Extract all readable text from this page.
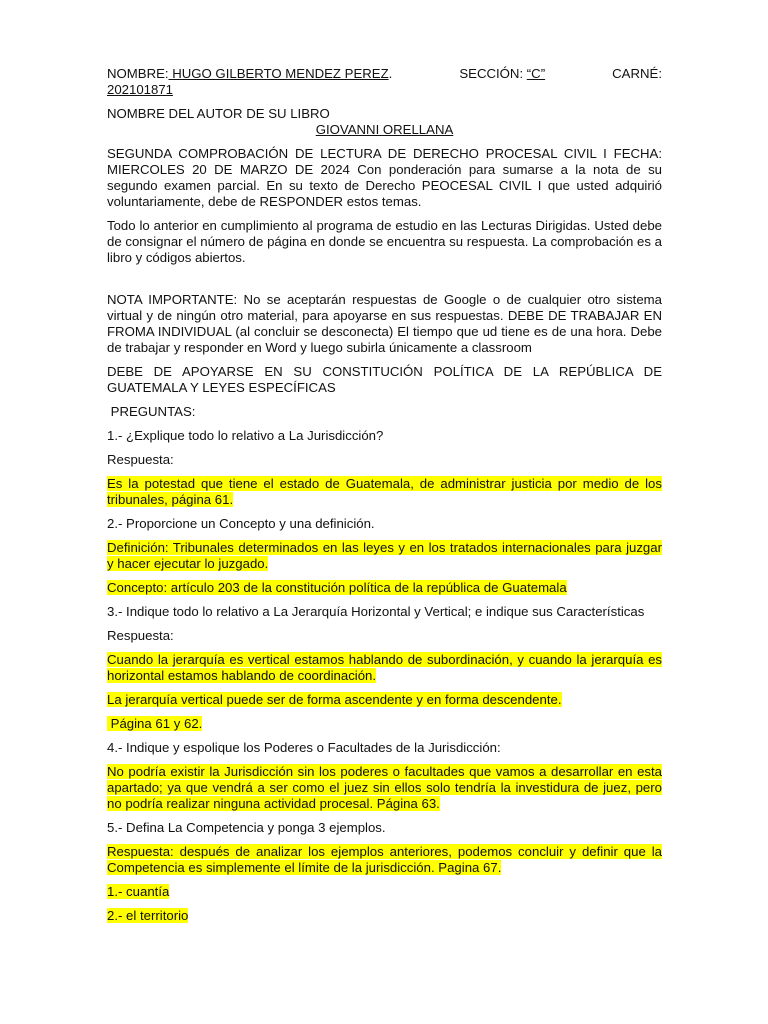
NOMBRE: HUGO GILBERTO MENDEZ PEREZ.	SECCIÓN: “C”	CARNÉ:
202101871
NOMBRE DEL AUTOR DE SU LIBRO
GIOVANNI ORELLANA

SEGUNDA COMPROBACIÓN DE LECTURA DE DERECHO PROCESAL CIVIL I FECHA: MIERCOLES 20 DE MARZO DE 2024 Con ponderación para sumarse a la nota de su segundo examen parcial. En su texto de Derecho PEOCESAL CIVIL I que usted adquirió voluntariamente, debe de RESPONDER estos temas.

Todo lo anterior en cumplimiento al programa de estudio en las Lecturas Dirigidas. Usted debe de consignar el número de página en donde se encuentra su respuesta. La comprobación es a libro y códigos abiertos.

NOTA IMPORTANTE: No se aceptarán respuestas de Google o de cualquier otro sistema virtual y de ningún otro material, para apoyarse en sus respuestas. DEBE DE TRABAJAR EN FROMA INDIVIDUAL (al concluir se desconecta) El tiempo que ud tiene es de una hora. Debe de trabajar y responder en Word y luego subirla únicamente a classroom

DEBE DE APOYARSE EN SU CONSTITUCIÓN POLÍTICA DE LA REPÚBLICA DE GUATEMALA Y LEYES ESPECÍFICAS

PREGUNTAS:

1.- ¿Explique todo lo relativo a La Jurisdicción?

Respuesta:

Es la potestad que tiene el estado de Guatemala, de administrar justicia por medio de los tribunales, página 61.

2.- Proporcione un Concepto y una definición.

Definición: Tribunales determinados en las leyes y en los tratados internacionales para juzgar y hacer ejecutar lo juzgado.

Concepto: artículo 203 de la constitución política de la república de Guatemala

3.- Indique todo lo relativo a La Jerarquía Horizontal y Vertical; e indique sus Características

Respuesta:

Cuando la jerarquía es vertical estamos hablando de subordinación, y cuando la jerarquía es horizontal estamos hablando de coordinación.

La jerarquía vertical puede ser de forma ascendente y en forma descendente.

Página 61 y 62.

4.- Indique y espolique los Poderes o Facultades de la Jurisdicción:

No podría existir la Jurisdicción sin los poderes o facultades que vamos a desarrollar en esta apartado; ya que vendrá a ser como el juez sin ellos solo tendría la investidura de juez, pero no podría realizar ninguna actividad procesal. Página 63.

5.- Defina La Competencia y ponga 3 ejemplos.

Respuesta: después de analizar los ejemplos anteriores, podemos concluir y definir que la Competencia es simplemente el límite de la jurisdicción. Pagina 67.

1.- cuantía

2.- el territorio
